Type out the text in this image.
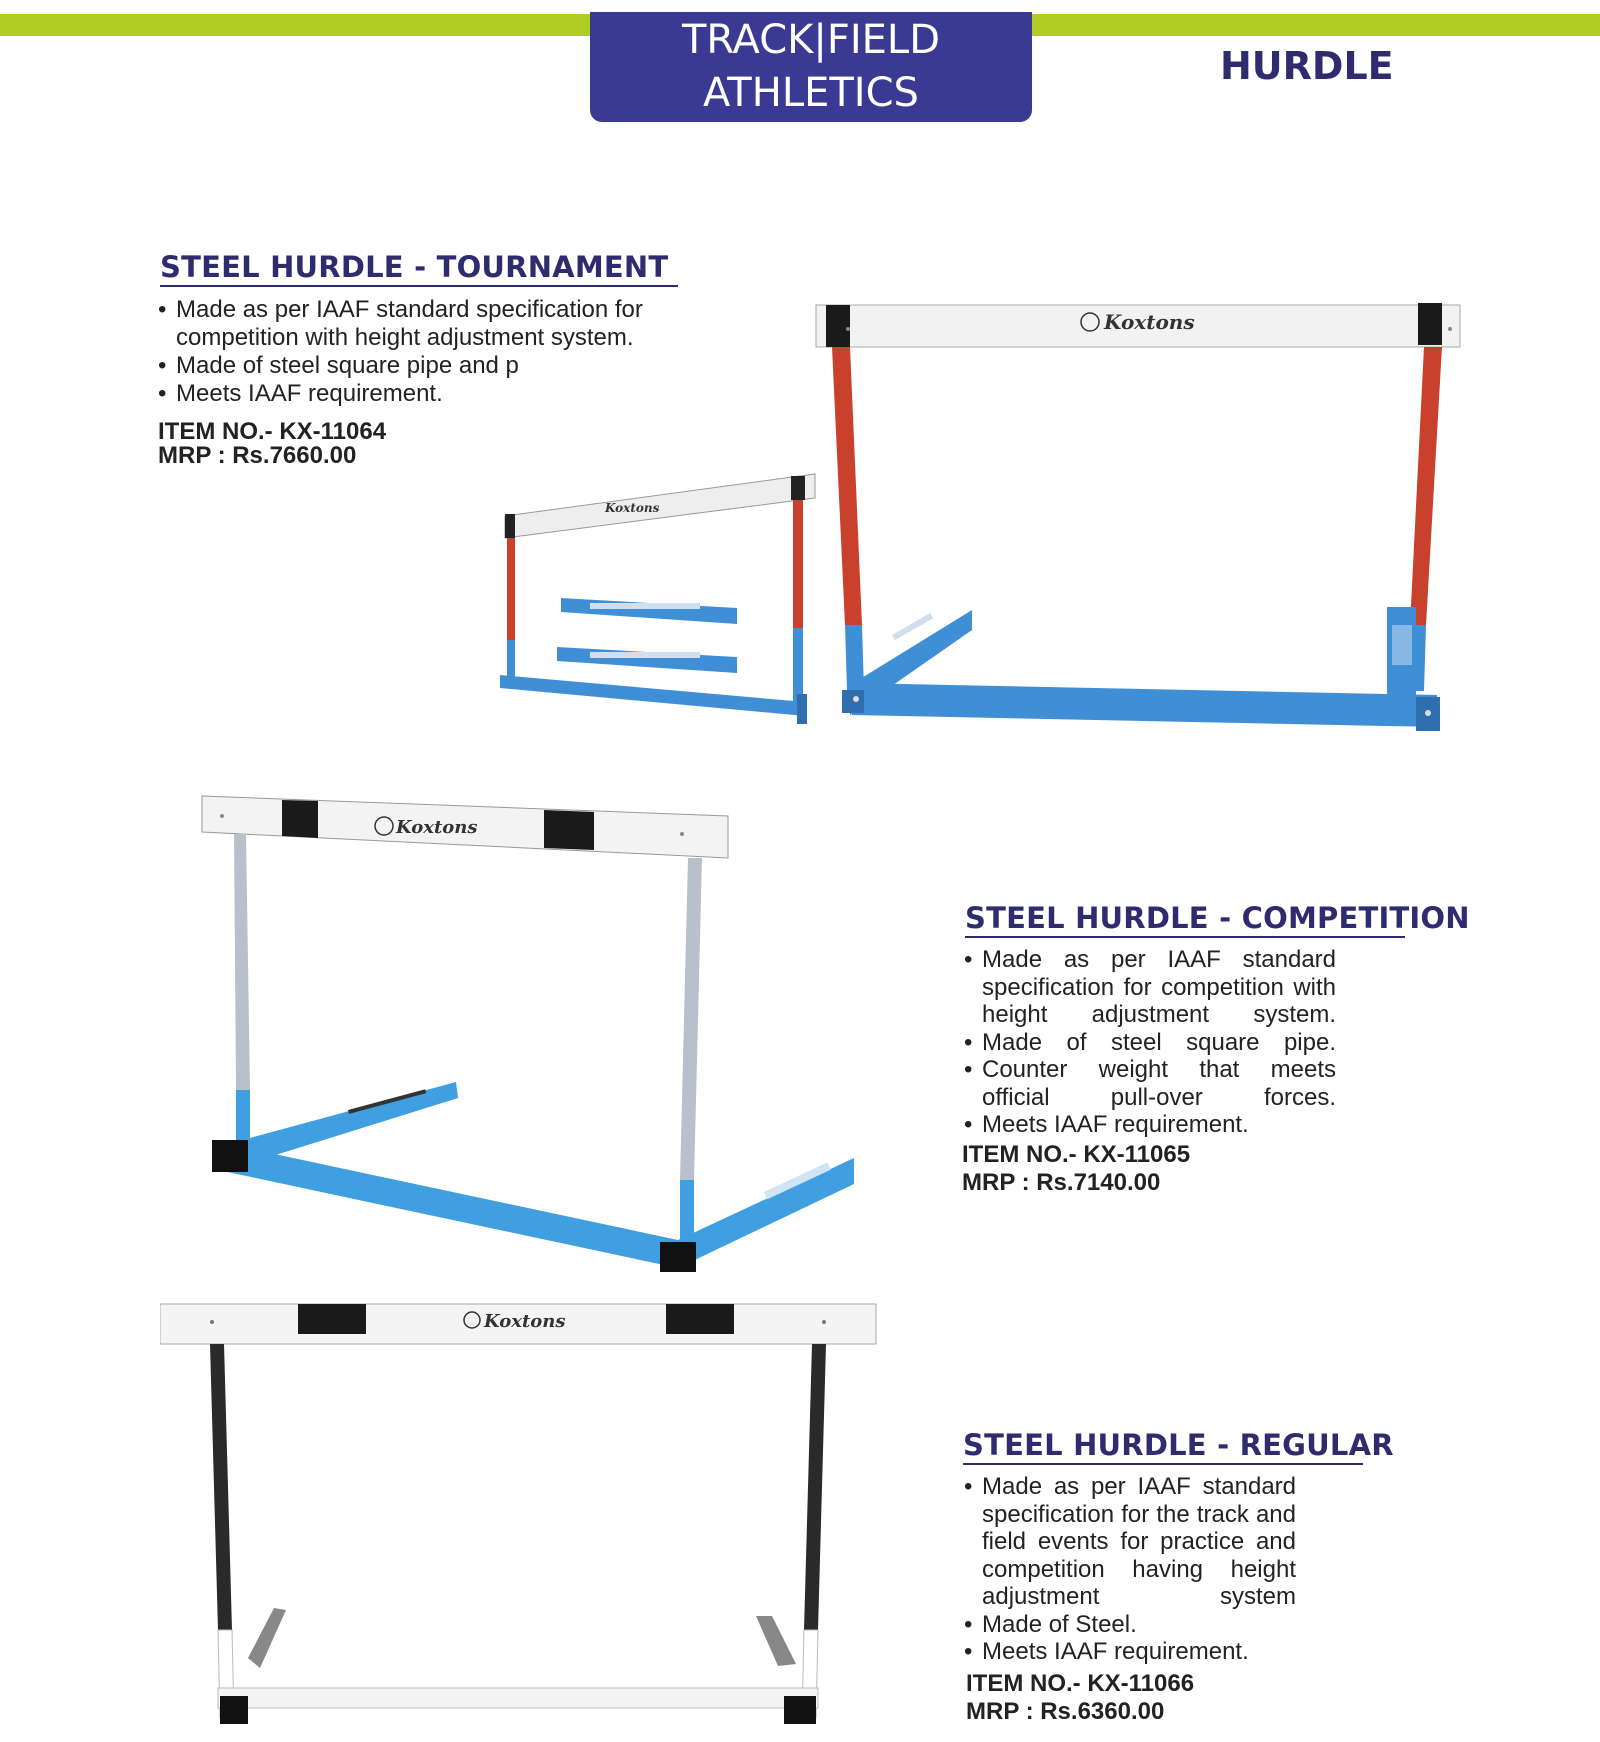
TRACK|FIELD
ATHLETICS
HURDLE
STEEL HURDLE - TOURNAMENT
• Made as per IAAF standard specification for competition with height adjustment system.
• Made of steel square pipe and p
• Meets IAAF requirement.
ITEM NO.- KX-11064
MRP : Rs.7660.00
Koxtons
Koxtons
Koxtons
STEEL HURDLE - COMPETITION
• Made as per IAAF standard specification for competition with height adjustment system.
• Made of steel square pipe.
• Counter weight that meets official pull-over forces.
• Meets IAAF requirement.
ITEM NO.- KX-11065
MRP : Rs.7140.00
Koxtons
STEEL HURDLE - REGULAR
• Made as per IAAF standard specification for the track and field events for practice and competition having height adjustment system
• Made of Steel.
• Meets IAAF requirement.
ITEM NO.- KX-11066
MRP : Rs.6360.00
